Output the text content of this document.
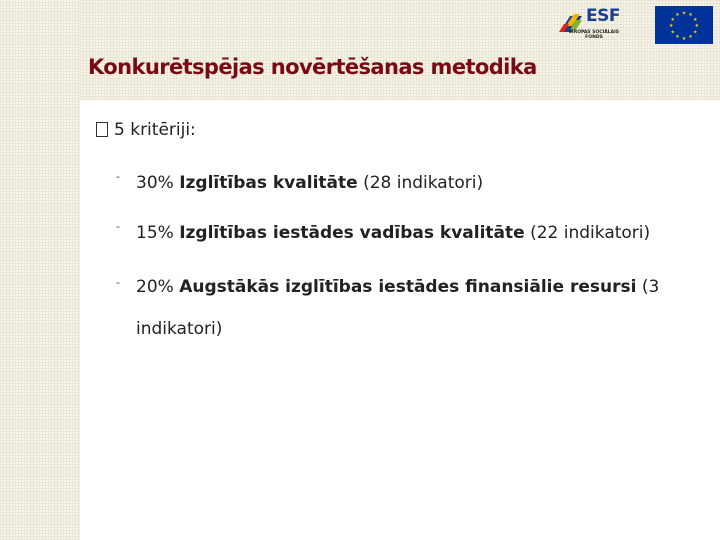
ESF
EIROPAS SOCIĀLAIS FONDS
★ ★
★
★
★
★
★
★
★
★
★
★
Konkurētspējas novērtēšanas metodika
5 kritēriji:
- 30% Izglītības kvalitāte (28 indikatori)
- 15% Izglītības iestādes vadības kvalitāte (22 indikatori)
- 20% Augstākās izglītības iestādes finansiālie resursi (3 indikatori)
